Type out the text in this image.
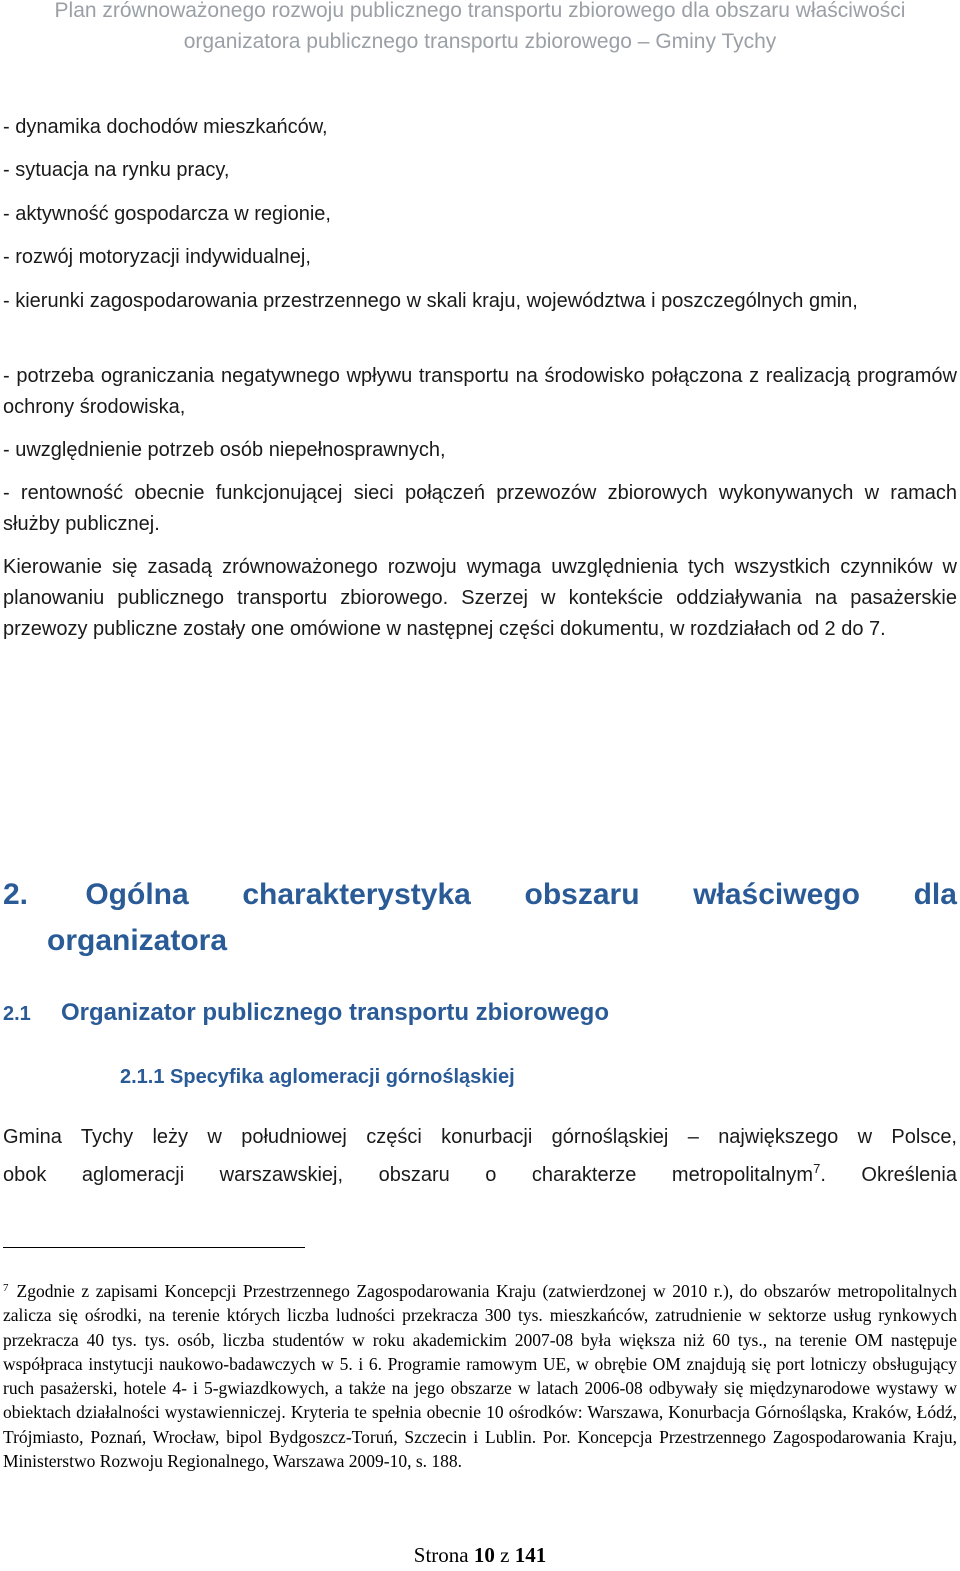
Plan zrównoważonego rozwoju publicznego transportu zbiorowego dla obszaru właściwości
organizatora publicznego transportu zbiorowego – Gminy Tychy
- dynamika dochodów mieszkańców,
- sytuacja na rynku pracy,
- aktywność gospodarcza w regionie,
- rozwój motoryzacji indywidualnej,
- kierunki zagospodarowania przestrzennego w skali kraju, województwa i poszczególnych gmin,
- potrzeba ograniczania negatywnego wpływu transportu na środowisko połączona z realizacją programów ochrony środowiska,
- uwzględnienie potrzeb osób niepełnosprawnych,
- rentowność obecnie funkcjonującej sieci połączeń przewozów zbiorowych wykonywanych w ramach służby publicznej.
Kierowanie się zasadą zrównoważonego rozwoju wymaga uwzględnienia tych wszystkich czynników w planowaniu publicznego transportu zbiorowego. Szerzej w kontekście oddziaływania na pasażerskie przewozy publiczne zostały one omówione w następnej części dokumentu, w rozdziałach od 2 do 7.
2. Ogólna charakterystyka obszaru właściwego dla
organizatora
2.1 Organizator publicznego transportu zbiorowego
2.1.1 Specyfika aglomeracji górnośląskiej

Gmina Tychy leży w południowej części konurbacji górnośląskiej – największego w Polsce,

obok aglomeracji warszawskiej, obszaru o charakterze metropolitalnym$^7$. Określenia

$^7$ Zgodnie z zapisami Koncepcji Przestrzennego Zagospodarowania Kraju (zatwierdzonej w 2010 r.), do obszarów metropolitalnych zalicza się ośrodki, na terenie których liczba ludności przekracza 300 tys. mieszkańców, zatrudnienie w sektorze usług rynkowych przekracza 40 tys. tys. osób, liczba studentów w roku akademickim 2007-08 była większa niż 60 tys., na terenie OM następuje współpraca instytucji naukowo-badawczych w 5. i 6. Programie ramowym UE, w obrębie OM znajdują się port lotniczy obsługujący ruch pasażerski, hotele 4- i 5-gwiazdkowych, a także na jego obszarze w latach 2006-08 odbywały się międzynarodowe wystawy w obiektach działalności wystawienniczej. Kryteria te spełnia obecnie 10 ośrodków: Warszawa, Konurbacja Górnośląska, Kraków, Łódź, Trójmiasto, Poznań, Wrocław, bipol Bydgoszcz-Toruń, Szczecin i Lublin. Por. Koncepcja Przestrzennego Zagospodarowania Kraju, Ministerstwo Rozwoju Regionalnego, Warszawa 2009-10, s. 188.
Strona 10 z 141
